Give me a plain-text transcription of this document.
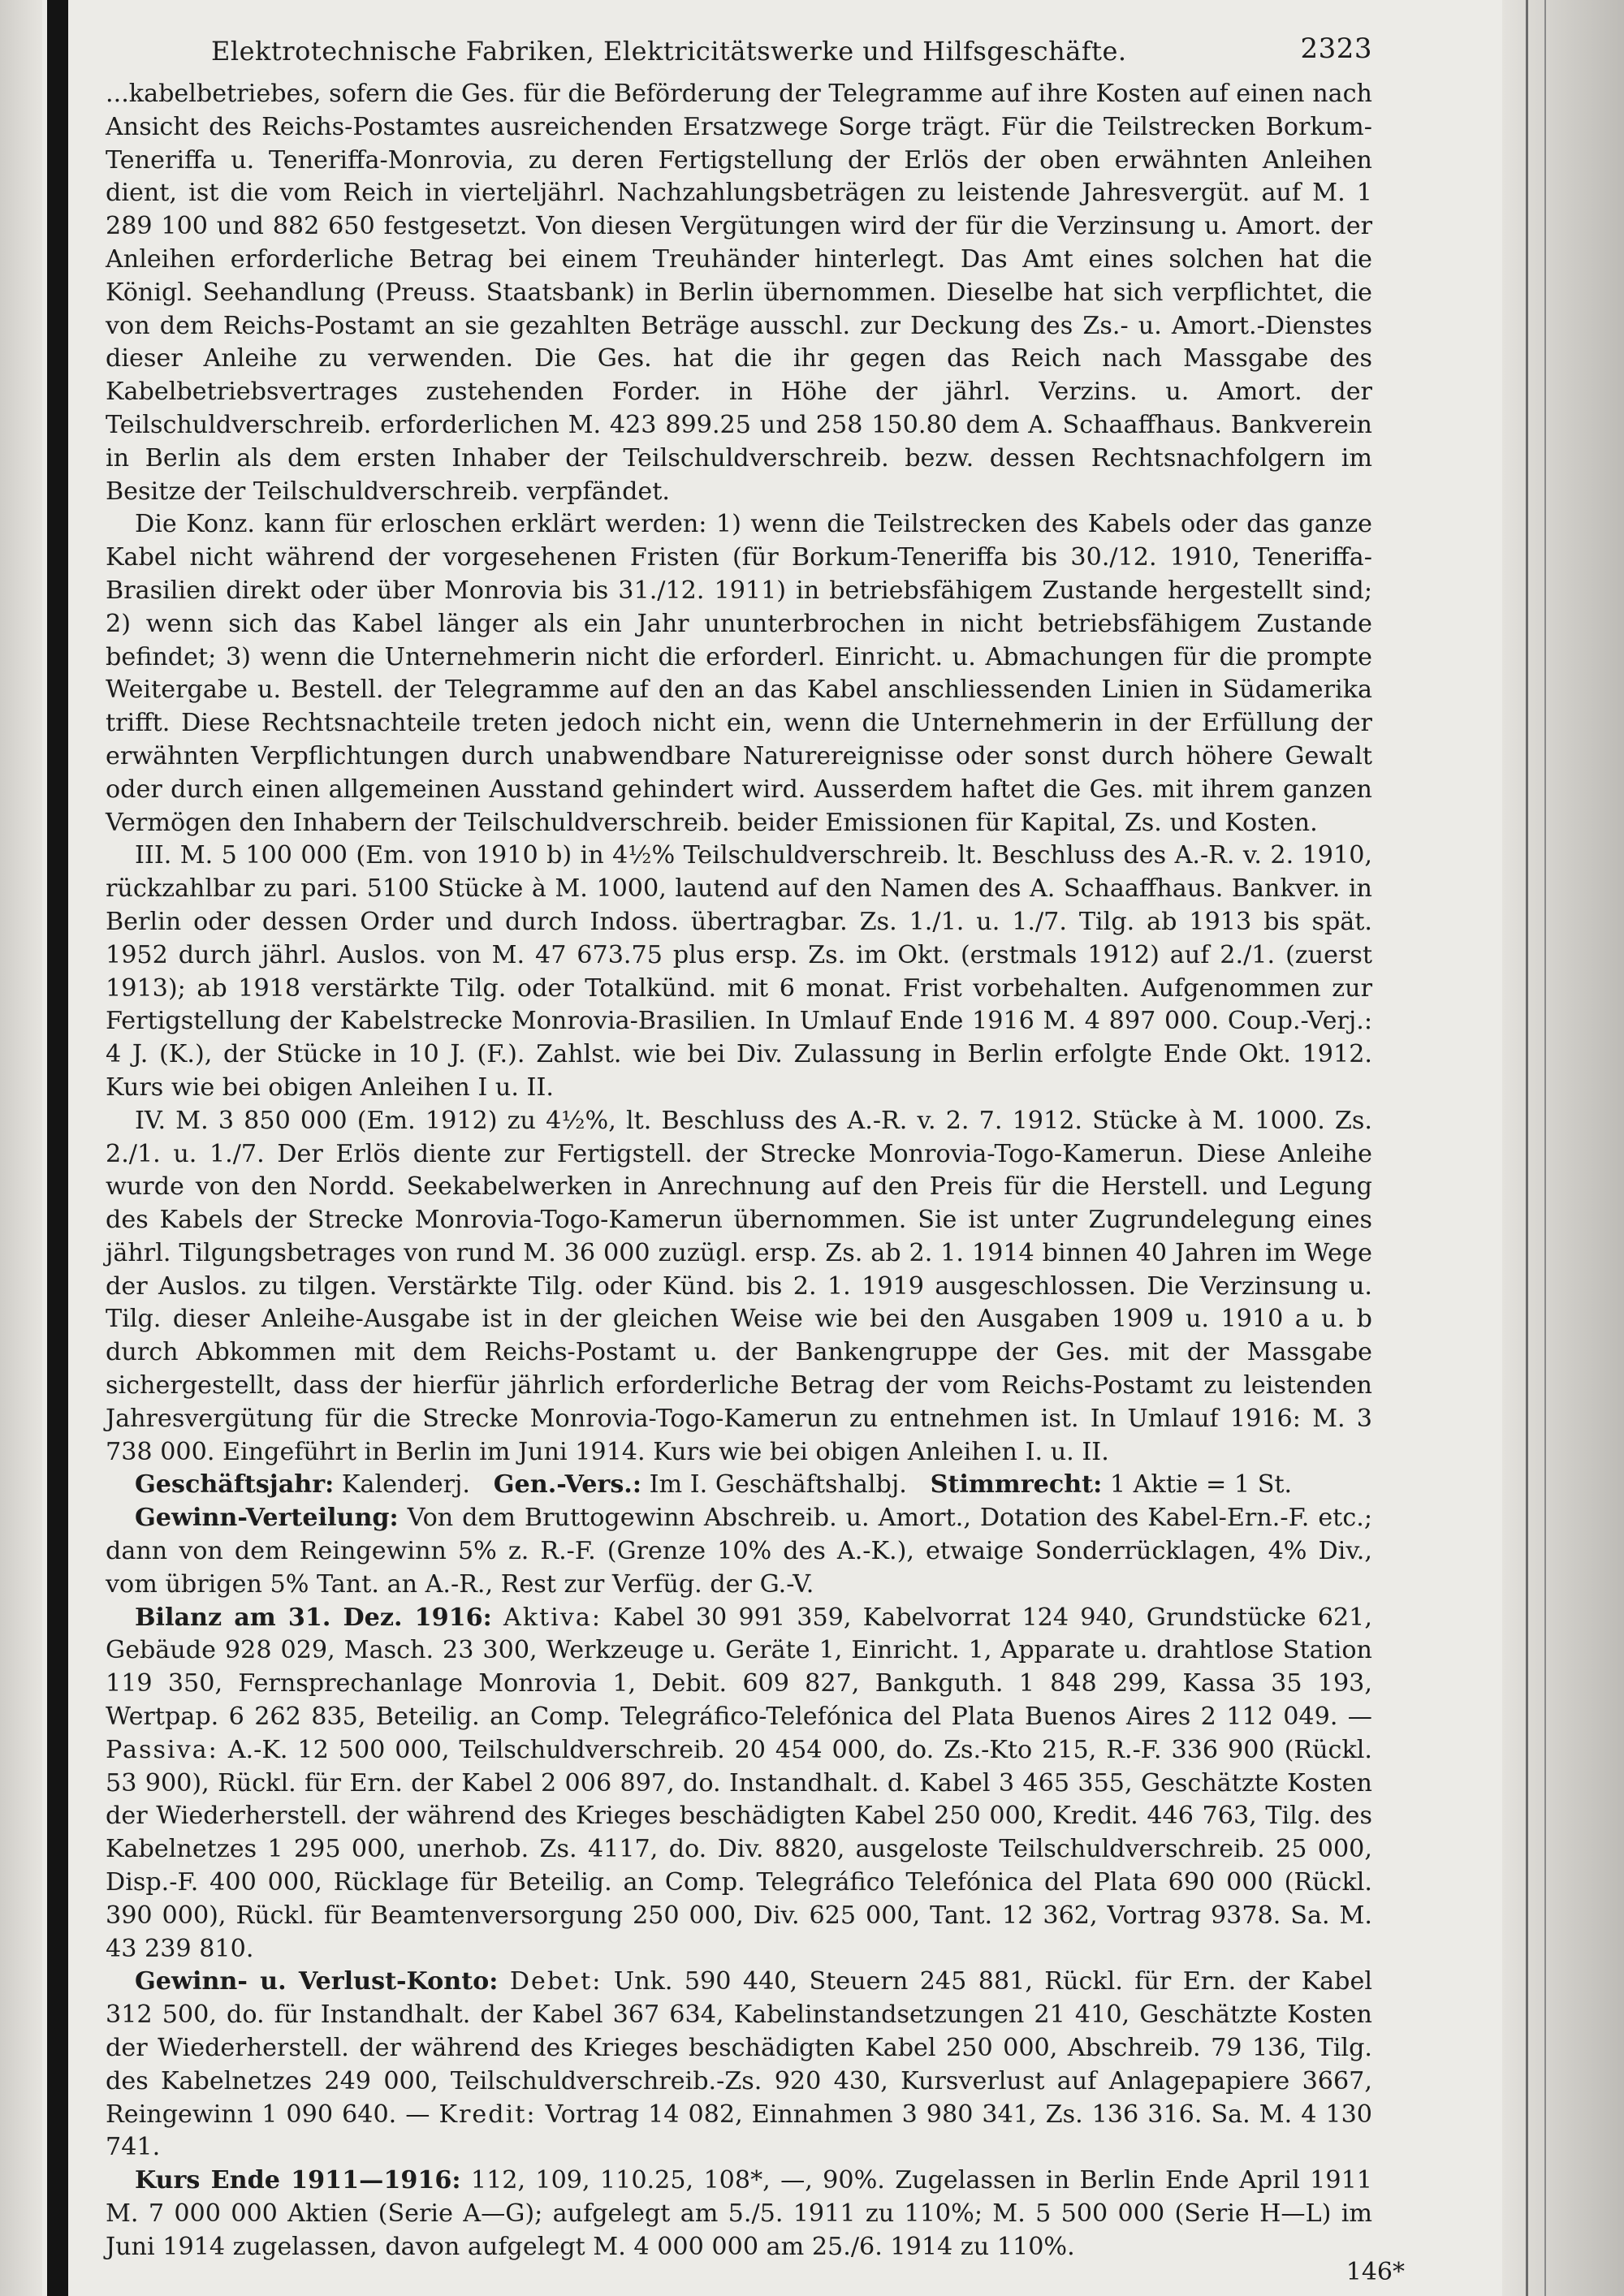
Elektrotechnische Fabriken, Elektricitätswerke und Hilfsgeschäfte.	2323

...kabelbetriebes, sofern die Ges. für die Beförderung der Telegramme auf ihre Kosten auf einen nach Ansicht des Reichs-Postamtes ausreichenden Ersatzwege Sorge trägt. Für die Teilstrecken Borkum-Teneriffa u. Teneriffa-Monrovia, zu deren Fertigstellung der Erlös der oben erwähnten Anleihen dient, ist die vom Reich in vierteljährl. Nachzahlungsbeträgen zu leistende Jahresvergüt. auf M. 1 289 100 und 882 650 festgesetzt. Von diesen Vergütungen wird der für die Verzinsung u. Amort. der Anleihen erforderliche Betrag bei einem Treuhänder hinterlegt. Das Amt eines solchen hat die Königl. Seehandlung (Preuss. Staatsbank) in Berlin übernommen. Dieselbe hat sich verpflichtet, die von dem Reichs-Postamt an sie gezahlten Beträge ausschl. zur Deckung des Zs.- u. Amort.-Dienstes dieser Anleihe zu verwenden. Die Ges. hat die ihr gegen das Reich nach Massgabe des Kabelbetriebsvertrages zustehenden Forder. in Höhe der jährl. Verzins. u. Amort. der Teilschuldverschreib. erforderlichen M. 423 899.25 und 258 150.80 dem A. Schaaffhaus. Bankverein in Berlin als dem ersten Inhaber der Teilschuldverschreib. bezw. dessen Rechtsnachfolgern im Besitze der Teilschuldverschreib. verpfändet.

Die Konz. kann für erloschen erklärt werden: 1) wenn die Teilstrecken des Kabels oder das ganze Kabel nicht während der vorgesehenen Fristen (für Borkum-Teneriffa bis 30./12. 1910, Teneriffa-Brasilien direkt oder über Monrovia bis 31./12. 1911) in betriebsfähigem Zustande hergestellt sind; 2) wenn sich das Kabel länger als ein Jahr ununterbrochen in nicht betriebsfähigem Zustande befindet; 3) wenn die Unternehmerin nicht die erforderl. Einricht. u. Abmachungen für die prompte Weitergabe u. Bestell. der Telegramme auf den an das Kabel anschliessenden Linien in Südamerika trifft. Diese Rechtsnachteile treten jedoch nicht ein, wenn die Unternehmerin in der Erfüllung der erwähnten Verpflichtungen durch unabwendbare Naturereignisse oder sonst durch höhere Gewalt oder durch einen allgemeinen Ausstand gehindert wird. Ausserdem haftet die Ges. mit ihrem ganzen Vermögen den Inhabern der Teilschuldverschreib. beider Emissionen für Kapital, Zs. und Kosten.

III. M. 5 100 000 (Em. von 1910 b) in 4½% Teilschuldverschreib. lt. Beschluss des A.-R. v. 2. 1910, rückzahlbar zu pari. 5100 Stücke à M. 1000, lautend auf den Namen des A. Schaaffhaus. Bankver. in Berlin oder dessen Order und durch Indoss. übertragbar. Zs. 1./1. u. 1./7. Tilg. ab 1913 bis spät. 1952 durch jährl. Auslos. von M. 47 673.75 plus ersp. Zs. im Okt. (erstmals 1912) auf 2./1. (zuerst 1913); ab 1918 verstärkte Tilg. oder Totalkünd. mit 6 monat. Frist vorbehalten. Aufgenommen zur Fertigstellung der Kabelstrecke Monrovia-Brasilien. In Umlauf Ende 1916 M. 4 897 000. Coup.-Verj.: 4 J. (K.), der Stücke in 10 J. (F.). Zahlst. wie bei Div. Zulassung in Berlin erfolgte Ende Okt. 1912. Kurs wie bei obigen Anleihen I u. II.

IV. M. 3 850 000 (Em. 1912) zu 4½%, lt. Beschluss des A.-R. v. 2. 7. 1912. Stücke à M. 1000. Zs. 2./1. u. 1./7. Der Erlös diente zur Fertigstell. der Strecke Monrovia-Togo-Kamerun. Diese Anleihe wurde von den Nordd. Seekabelwerken in Anrechnung auf den Preis für die Herstell. und Legung des Kabels der Strecke Monrovia-Togo-Kamerun übernommen. Sie ist unter Zugrundelegung eines jährl. Tilgungsbetrages von rund M. 36 000 zuzügl. ersp. Zs. ab 2. 1. 1914 binnen 40 Jahren im Wege der Auslos. zu tilgen. Verstärkte Tilg. oder Künd. bis 2. 1. 1919 ausgeschlossen. Die Verzinsung u. Tilg. dieser Anleihe-Ausgabe ist in der gleichen Weise wie bei den Ausgaben 1909 u. 1910 a u. b durch Abkommen mit dem Reichs-Postamt u. der Bankengruppe der Ges. mit der Massgabe sichergestellt, dass der hierfür jährlich erforderliche Betrag der vom Reichs-Postamt zu leistenden Jahresvergütung für die Strecke Monrovia-Togo-Kamerun zu entnehmen ist. In Umlauf 1916: M. 3 738 000. Eingeführt in Berlin im Juni 1914. Kurs wie bei obigen Anleihen I. u. II.

Geschäftsjahr: Kalenderj. Gen.-Vers.: Im I. Geschäftshalbj. Stimmrecht: 1 Aktie = 1 St.

Gewinn-Verteilung: Von dem Bruttogewinn Abschreib. u. Amort., Dotation des Kabel-Ern.-F. etc.; dann von dem Reingewinn 5% z. R.-F. (Grenze 10% des A.-K.), etwaige Sonderrücklagen, 4% Div., vom übrigen 5% Tant. an A.-R., Rest zur Verfüg. der G.-V.

Bilanz am 31. Dez. 1916: Aktiva: Kabel 30 991 359, Kabelvorrat 124 940, Grundstücke 621, Gebäude 928 029, Masch. 23 300, Werkzeuge u. Geräte 1, Einricht. 1, Apparate u. drahtlose Station 119 350, Fernsprechanlage Monrovia 1, Debit. 609 827, Bankguth. 1 848 299, Kassa 35 193, Wertpap. 6 262 835, Beteilig. an Comp. Telegráfico-Telefónica del Plata Buenos Aires 2 112 049. — Passiva: A.-K. 12 500 000, Teilschuldverschreib. 20 454 000, do. Zs.-Kto 215, R.-F. 336 900 (Rückl. 53 900), Rückl. für Ern. der Kabel 2 006 897, do. Instandhalt. d. Kabel 3 465 355, Geschätzte Kosten der Wiederherstell. der während des Krieges beschädigten Kabel 250 000, Kredit. 446 763, Tilg. des Kabelnetzes 1 295 000, unerhob. Zs. 4117, do. Div. 8820, ausgeloste Teilschuldverschreib. 25 000, Disp.-F. 400 000, Rücklage für Beteilig. an Comp. Telegráfico Telefónica del Plata 690 000 (Rückl. 390 000), Rückl. für Beamtenversorgung 250 000, Div. 625 000, Tant. 12 362, Vortrag 9378. Sa. M. 43 239 810.

Gewinn- u. Verlust-Konto: Debet: Unk. 590 440, Steuern 245 881, Rückl. für Ern. der Kabel 312 500, do. für Instandhalt. der Kabel 367 634, Kabelinstandsetzungen 21 410, Geschätzte Kosten der Wiederherstell. der während des Krieges beschädigten Kabel 250 000, Abschreib. 79 136, Tilg. des Kabelnetzes 249 000, Teilschuldverschreib.-Zs. 920 430, Kursverlust auf Anlagepapiere 3667, Reingewinn 1 090 640. — Kredit: Vortrag 14 082, Einnahmen 3 980 341, Zs. 136 316. Sa. M. 4 130 741.

Kurs Ende 1911—1916: 112, 109, 110.25, 108*, —, 90%. Zugelassen in Berlin Ende April 1911 M. 7 000 000 Aktien (Serie A—G); aufgelegt am 5./5. 1911 zu 110%; M. 5 500 000 (Serie H—L) im Juni 1914 zugelassen, davon aufgelegt M. 4 000 000 am 25./6. 1914 zu 110%.

146*
